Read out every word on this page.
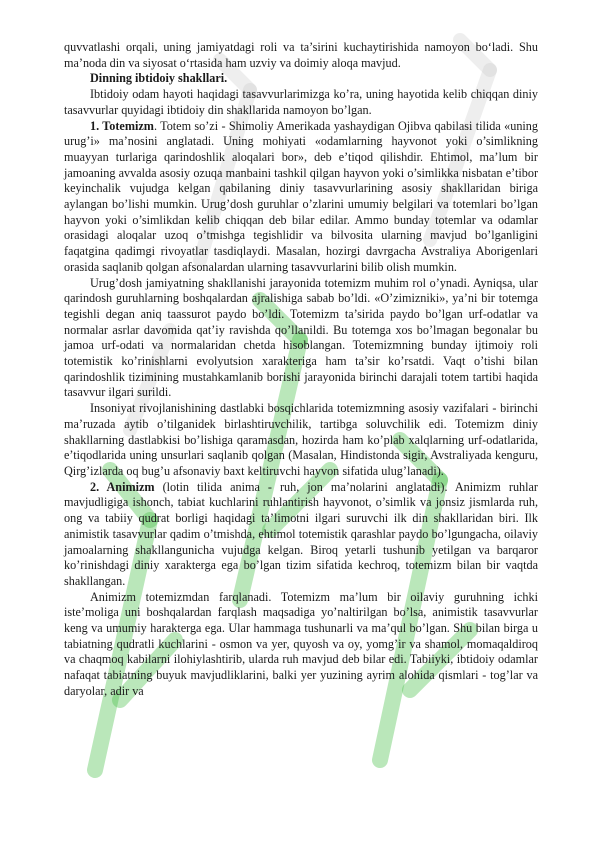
quvvatlashi orqali, uning jamiyatdagi roli va ta’sirini kuchaytirishida namoyon bo‘ladi. Shu ma’noda din va siyosat o‘rtasida ham uzviy va doimiy aloqa mavjud.

Dinning ibtidoiy shakllari.

Ibtidoiy odam hayoti haqidagi tasavvurlarimizga ko’ra, uning hayotida kelib chiqqan diniy tasavvurlar quyidagi ibtidoiy din shakllarida namoyon bo’lgan.

1. Totemizm. Totem so’zi - Shimoliy Amerikada yashaydigan Ojibva qabilasi tilida «uning urug’i» ma’nosini anglatadi. Uning mohiyati «odamlarning hayvonot yoki o’simlikning muayyan turlariga qarindoshlik aloqalari bor», deb e’tiqod qilishdir. Ehtimol, ma’lum bir jamoaning avvalda asosiy ozuqa manbaini tashkil qilgan hayvon yoki o’simlikka nisbatan e’tibor keyinchalik vujudga kelgan qabilaning diniy tasavvurlarining asosiy shakllaridan biriga aylangan bo’lishi mumkin. Urug’dosh guruhlar o’zlarini umumiy belgilari va totemlari bo’lgan hayvon yoki o’simlikdan kelib chiqqan deb bilar edilar. Ammo bunday totemlar va odamlar orasidagi aloqalar uzoq o’tmishga tegishlidir va bilvosita ularning mavjud bo’lganligini faqatgina qadimgi rivoyatlar tasdiqlaydi. Masalan, hozirgi davrgacha Avstraliya Aborigenlari orasida saqlanib qolgan afsonalardan ularning tasavvurlarini bilib olish mumkin.

Urug’dosh jamiyatning shakllanishi jarayonida totemizm muhim rol o’ynadi. Ayniqsa, ular qarindosh guruhlarning boshqalardan ajralishiga sabab bo’ldi. «O’zimizniki», ya’ni bir totemga tegishli degan aniq taassurot paydo bo’ldi. Totemizm ta’sirida paydo bo’lgan urf-odatlar va normalar asrlar davomida qat’iy ravishda qo’llanildi. Bu totemga xos bo’lmagan begonalar bu jamoa urf-odati va normalaridan chetda hisoblangan. Totemizmning bunday ijtimoiy roli totemistik ko’rinishlarni evolyutsion xarakteriga ham ta’sir ko’rsatdi. Vaqt o’tishi bilan qarindoshlik tizimining mustahkamlanib borishi jarayonida birinchi darajali totem tartibi haqida tasavvur ilgari surildi.

Insoniyat rivojlanishining dastlabki bosqichlarida totemizmning asosiy vazifalari - birinchi ma’ruzada aytib o’tilganidek birlashtiruvchilik, tartibga soluvchilik edi. Totemizm diniy shakllarning dastlabkisi bo’lishiga qaramasdan, hozirda ham ko’plab xalqlarning urf-odatlarida, e’tiqodlarida uning unsurlari saqlanib qolgan (Masalan, Hindistonda sigir, Avstraliyada kenguru, Qirg’izlarda oq bug’u afsonaviy baxt keltiruvchi hayvon sifatida ulug’lanadi).

2. Animizm (lotin tilida anima - ruh, jon ma’nolarini anglatadi). Animizm ruhlar mavjudligiga ishonch, tabiat kuchlarini ruhlantirish hayvonot, o’simlik va jonsiz jismlarda ruh, ong va tabiiy qudrat borligi haqidagi ta’limotni ilgari suruvchi ilk din shakllaridan biri. Ilk animistik tasavvurlar qadim o’tmishda, ehtimol totemistik qarashlar paydo bo’lgungacha, oilaviy jamoalarning shakllangunicha vujudga kelgan. Biroq yetarli tushunib yetilgan va barqaror ko’rinishdagi diniy xarakterga ega bo’lgan tizim sifatida kechroq, totemizm bilan bir vaqtda shakllangan.

Animizm totemizmdan farqlanadi. Totemizm ma’lum bir oilaviy guruhning ichki iste’moliga uni boshqalardan farqlash maqsadiga yo’naltirilgan bo’lsa, animistik tasavvurlar keng va umumiy harakterga ega. Ular hammaga tushunarli va ma’qul bo’lgan. Shu bilan birga u tabiatning qudratli kuchlarini - osmon va yer, quyosh va oy, yomg’ir va shamol, momaqaldiroq va chaqmoq kabilarni ilohiylashtirib, ularda ruh mavjud deb bilar edi. Tabiiyki, ibtidoiy odamlar nafaqat tabiatning buyuk mavjudliklarini, balki yer yuzining ayrim alohida qismlari - tog’lar va daryolar, adir va
